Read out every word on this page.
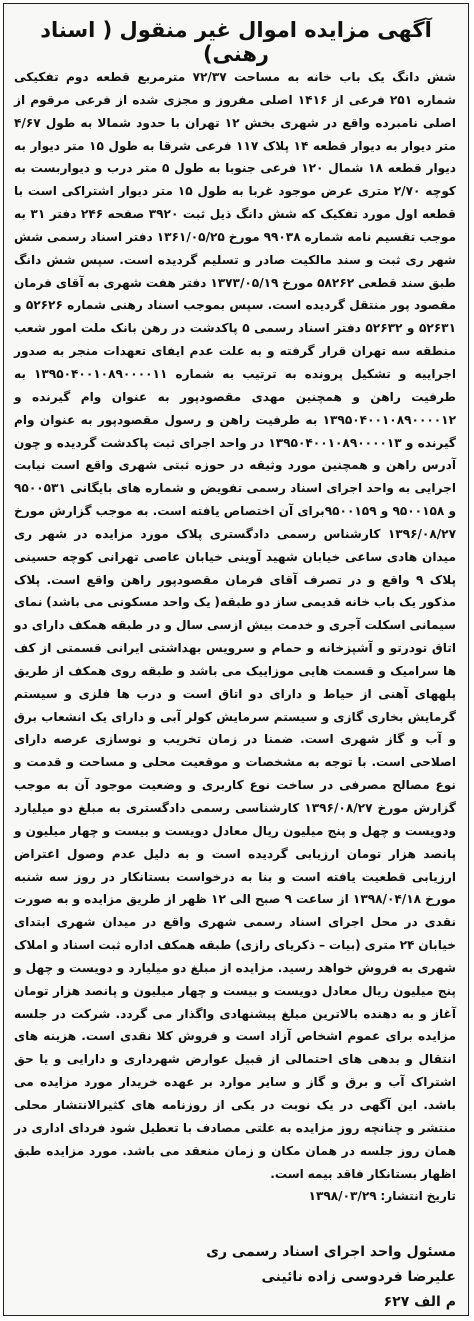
آگهی مزایده اموال غیر منقول ( اسناد رهنی)

شش دانگ یک باب خانه به مساحت ۷۲/۳۷ مترمربع قطعه دوم تفکیکی شماره ۲۵۱ فرعی از ۱۴۱۶ اصلی مفروز و مجزی شده از فرعی مرقوم از اصلی نامبرده واقع در شهری بخش ۱۲ تهران با حدود شمالا به طول ۴/۶۷ متر دیوار به دیوار قطعه ۱۴ پلاک ۱۱۷ فرعی شرقا به طول ۱۵ متر دیوار به دیوار قطعه ۱۸ شمال ۱۲۰ فرعی جنوبا به طول ۵ متر درب و دیواربست به کوچه ۲/۷۰ متری عرض موجود غربا به طول ۱۵ متر دیوار اشتراکی است با قطعه اول مورد تفکیک که شش دانگ ذیل ثبت ۳۹۲۰ صفحه ۲۴۶ دفتر ۳۱ به موجب تقسیم نامه شماره ۹۹۰۳۸ مورخ ۱۳۶۱/۰۵/۲۵ دفتر اسناد رسمی شش شهر ری ثبت و سند مالکیت صادر و تسلیم گردیده است. سپس شش دانگ طبق سند قطعی ۵۸۲۶۲ مورخ ۱۳۷۳/۰۵/۱۹ دفتر هفت شهری به آقای فرمان مقصود پور منتقل گردیده است. سپس بموجب اسناد رهنی شماره ۵۲۶۲۶ و ۵۲۶۳۱ و ۵۲۶۳۲ دفتر اسناد رسمی ۵ پاکدشت در رهن بانک ملت امور شعب منطقه سه تهران قرار گرفته و به علت عدم ایفای تعهدات منجر به صدور اجراییه و تشکیل پرونده به ترتیب به شماره ۱۳۹۵۰۴۰۰۱۰۸۹۰۰۰۰۱۱ به طرفیت راهن و همچنین مهدی مقصودپور به عنوان وام گیرنده و ۱۳۹۵۰۴۰۰۱۰۸۹۰۰۰۰۱۲ به طرفیت راهن و رسول مقصودپور به عنوان وام گیرنده و ۱۳۹۵۰۴۰۰۱۰۸۹۰۰۰۰۱۳ در واحد اجرای ثبت پاکدشت گردیده و چون آدرس راهن و همچنین مورد وثیقه در حوزه ثبتی شهری واقع است نیابت اجرایی به واحد اجرای اسناد رسمی تفویض و شماره های بایگانی ۹۵۰۰۵۳۱ و ۹۵۰۰۱۵۸ و ۹۵۰۰۱۵۹برای آن اختصاص یافته است. به موجب گزارش مورخ ۱۳۹۶/۰۸/۲۷ کارشناس رسمی دادگستری پلاک مورد مزایده در شهر ری میدان هادی ساعی خیابان شهید آوینی خیابان عاصی تهرانی کوچه حسینی پلاک ۹ واقع و در تصرف آقای فرمان مقصودپور راهن واقع است. پلاک مذکور یک باب خانه قدیمی ساز دو طبقه( یک واحد مسکونی می باشد) نمای سیمانی اسکلت آجری و خدمت بیش ازسی سال و در طبقه همکف دارای دو اتاق تودرتو و آشپزخانه و حمام و سرویس بهداشتی ایرانی قسمتی از کف ها سرامیک و قسمت هایی موزاییک می باشد و طبقه روی همکف از طریق پلههای آهنی از حیاط و دارای دو اتاق است و درب ها فلزی و سیستم گرمایش بخاری گازی و سیستم سرمایش کولر آبی و دارای یک انشعاب برق و آب و گاز شهری است. ضمنا در زمان تخریب و نوسازی عرصه دارای اصلاحی است. با توجه به مشخصات و موقعیت محلی و مساحت و قدمت و نوع مصالح مصرفی در ساخت نوع کاربری و وضعیت موجود آن به موجب گزارش مورخ ۱۳۹۶/۰۸/۲۷ کارشناسی رسمی دادگستری به مبلغ دو میلیارد ودویست و چهل و پنج میلیون ریال معادل دویست و بیست و چهار میلیون و پانصد هزار تومان ارزیابی گردیده است و به دلیل عدم وصول اعتراض ارزیابی قطعیت یافته است و بنا به درخواست بستانکار در روز سه شنبه مورخ ۱۳۹۸/۰۴/۱۸ از ساعت ۹ صبح الی ۱۲ ظهر از طریق مزایده و به صورت نقدی در محل اجرای اسناد رسمی شهری واقع در میدان شهری ابتدای خیابان ۲۴ متری (بیات – ذکریای رازی) طبقه همکف اداره ثبت اسناد و املاک شهری به فروش خواهد رسید. مزایده از مبلغ دو میلیارد و دویست و چهل و پنج میلیون ریال معادل دویست و بیست و چهار میلیون و پانصد هزار تومان آغاز و به دهنده بالاترین مبلغ پیشنهادی واگذار می گردد. شرکت در جلسه مزایده برای عموم اشخاص آزاد است و فروش کلا نقدی است. هزینه های انتقال و بدهی های احتمالی از قبیل عوارض شهرداری و دارایی و یا حق اشتراک آب و برق و گاز و سایر موارد بر عهده خریدار مورد مزایده می باشد. این آگهی در یک نوبت در یکی از روزنامه های کثیرالانتشار محلی منتشر و چنانچه روز مزایده به علتی مصادف با تعطیل شود فردای اداری در همان روز جلسه در همان مکان و زمان منعقد می باشد. مورد مزایده طبق اظهار بستانکار فاقد بیمه است.

تاریخ انتشار: ۱۳۹۸/۰۳/۲۹

مسئول واحد اجرای اسناد رسمی ری
علیرضا فردوسی زاده نائینی
م الف ۶۲۷
